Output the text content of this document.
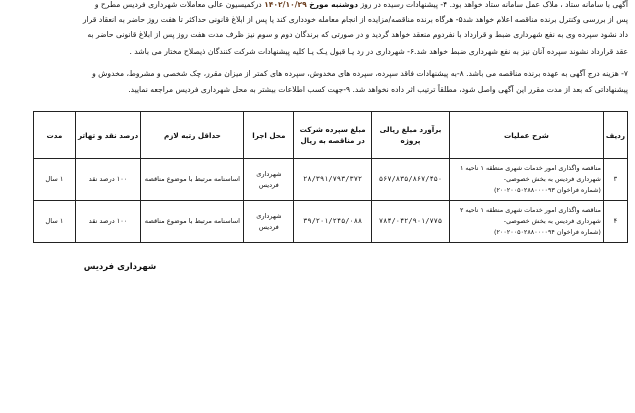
آگهی با سامانه ستاد ، ملاک عمل سامانه ستاد خواهد بود. ۴- پیشنهادات رسیده در روز دوشنبه مورخ ۱۴۰۲/۱۰/۲۹ درکمیسیون عالی معاملات شهرداری فردیس مطرح و
پس از بررسی وکنترل برنده مناقصه اعلام خواهد شد۵- هرگاه برنده مناقصه/مزایده از انجام معامله خودداری کند یا پس از ابلاغ قانونی حداکثر تا هفت روز حاضر به انعقاد قرار
داد نشود سپرده وی به نفع شهرداری ضبط و قرارداد با نفردوم منعقد خواهد گردید و در صورتی که برندگان دوم و سوم نیز ظرف مدت هفت روز پس از ابلاغ قانونی حاضر به
عقد قرارداد نشوند سپرده آنان نیز به نفع شهرداری ضبط خواهد شد.۶- شهرداری در رد یـا قبول یـک یـا کلیه پیشنهادات شرکت کنندگان ذیصلاح مختار می باشد .
۷- هزینه درج آگهی به عهده برنده مناقصه می باشد. ۸-به پیشنهادات فاقد سپرده، سپرده های مخدوش، سپرده های کمتر از میزان مقرر، چک شخصی و مشروط، مخدوش و
پیشنهاداتی که بعد از مدت مقرر این آگهی واصل شود، مطلقاً ترتیب اثر داده نخواهد شد. ۹-جهت کسب اطلاعات بیشتر به محل شهرداری فردیس مراجعه نمایید.
ردیف	شرح عملیات	برآورد مبلغ ریالی پروژه	مبلغ سپرده شرکت در مناقصه به ریال	محل اجرا	حداقل رتبه لازم	درصد نقد و تهاتر	مدت
۳	مناقصه واگذاری امور خدمات شهری منطقه ۱ ناحیه ۱
شهرداری فردیس به بخش خصوصی-
(شماره فراخوان ۲۰۰۲۰۰۵۰۲۸۸۰۰۰۰۹۳)	۵۶۷/۸۳۵/۸۶۷/۴۵۰	۲۸/۳۹۱/۷۹۳/۳۷۲	شهرداری فردیس	اساسنامه مرتبط با موضوع مناقصه	۱۰۰ درصد نقد	۱ سال
۴	مناقصه واگذاری امور خدمات شهری منطقه ۱ ناحیه ۲
شهرداری فردیس به بخش خصوصی-
(شماره فراخوان ۲۰۰۲۰۰۵۰۲۸۸۰۰۰۰۹۴)	۷۸۴/۰۴۲/۹۰۱/۷۷۵	۳۹/۲۰۱/۲۴۵/۰۸۸	شهرداری فردیس	اساسنامه مرتبط با موضوع مناقصه	۱۰۰ درصد نقد	۱ سال
شهرداری فردیس
